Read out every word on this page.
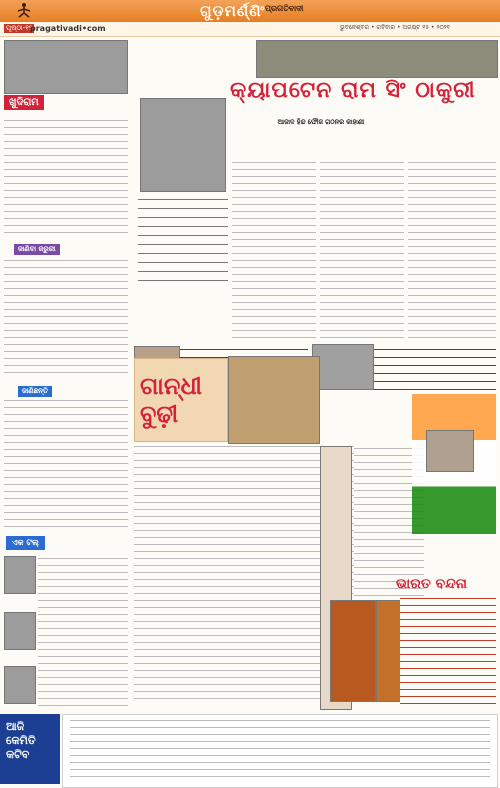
ଗୁଡ଼ମର୍ଣ୍ଣିଂ ପ୍ରଗତିବାଦୀ
ପୃଷ୍ଠା-୧୨
pragativadi•com	ଭୁବନେଶ୍ବର • ରବିବାର • ଅଗଷ୍ଟ ୧୫ • ୨୦୨୧
ଖୁଦିରାମ
ଜାଣିବା ଜରୁରୀ
ଜାଣିଛନ୍ତି
ଏକ ଟଲ୍
କ୍ୟାପଟେନ ରାମ ସିଂ ଠାକୁରୀ
ଆଜାଦ ହିନ୍ଦ ଫୌଜ ଗଠନର କାହାଣୀ
ଗାନ୍ଧୀ ବୁଢ଼ୀ
ଭାରତ ବନ୍ଦନା
ଆଜି କେମିତି କଟିବ
